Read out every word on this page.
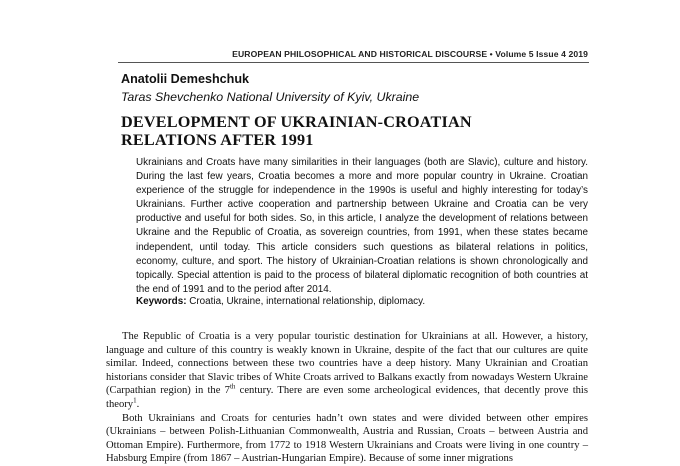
EUROPEAN PHILOSOPHICAL AND HISTORICAL DISCOURSE • Volume 5 Issue 4 2019
Anatolii Demeshchuk
Taras Shevchenko National University of Kyiv, Ukraine
DEVELOPMENT OF UKRAINIAN-CROATIAN RELATIONS AFTER 1991
Ukrainians and Croats have many similarities in their languages (both are Slavic), culture and history. During the last few years, Croatia becomes a more and more popular country in Ukraine. Croatian experience of the struggle for independence in the 1990s is useful and highly interesting for today’s Ukrainians. Further active cooperation and partnership between Ukraine and Croatia can be very productive and useful for both sides. So, in this article, I analyze the development of relations between Ukraine and the Republic of Croatia, as sovereign countries, from 1991, when these states became independent, until today. This article considers such questions as bilateral relations in politics, economy, culture, and sport. The history of Ukrainian-Croatian relations is shown chronologically and topically. Special attention is paid to the process of bilateral diplomatic recognition of both countries at the end of 1991 and to the period after 2014.
Keywords: Croatia, Ukraine, international relationship, diplomacy.

The Republic of Croatia is a very popular touristic destination for Ukrainians at all. However, a history, language and culture of this country is weakly known in Ukraine, despite of the fact that our cultures are quite similar. Indeed, connections between these two countries have a deep history. Many Ukrainian and Croatian historians consider that Slavic tribes of White Croats arrived to Balkans exactly from nowadays Western Ukraine (Carpathian region) in the 7th century. There are even some archeological evidences, that decently prove this theory$^1$.

Both Ukrainians and Croats for centuries hadn’t own states and were divided between other empires (Ukrainians – between Polish-Lithuanian Commonwealth, Austria and Russian, Croats – between Austria and Ottoman Empire). Furthermore, from 1772 to 1918 Western Ukrainians and Croats were living in one country – Habsburg Empire (from 1867 – Austrian-Hungarian Empire). Because of some inner migrations
